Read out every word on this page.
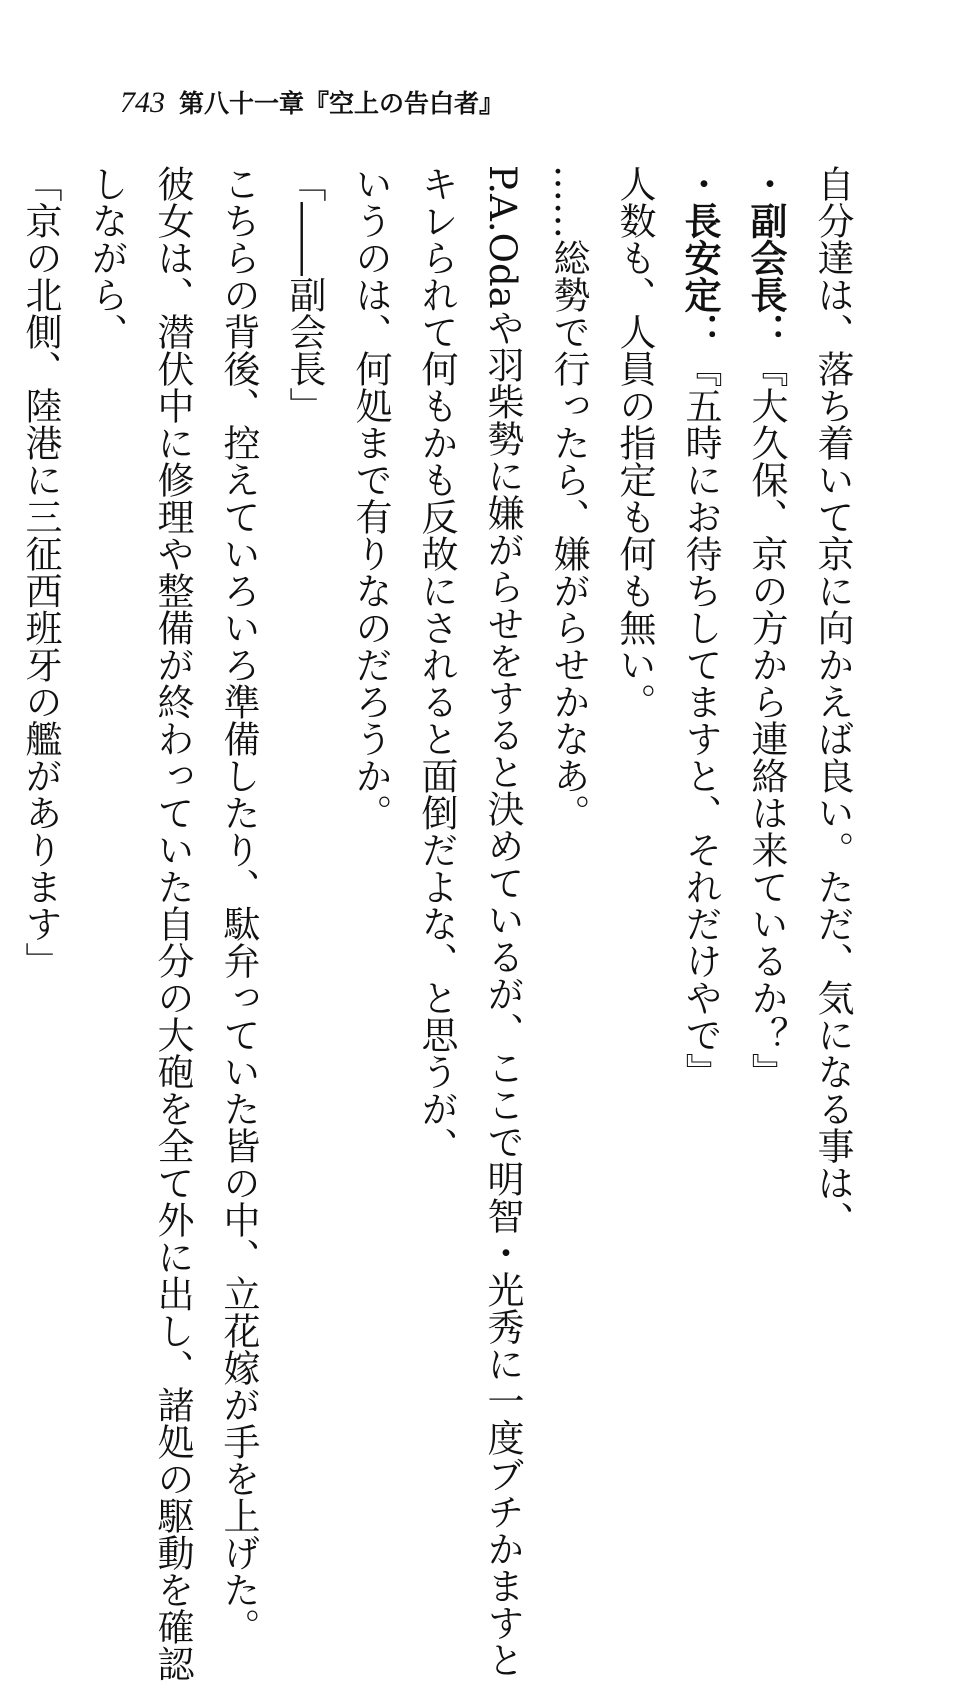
743 第八十一章『空上の告白者』
自分達は、落ち着いて京に向かえば良い。ただ、気になる事は、
・副会長：『大久保、京の方から連絡は来ているか？』
・長安定：『五時にお待ちしてますと、それだけやで』
人数も、人員の指定も何も無い。
……総勢で行ったら、嫌がらせかなあ。
P.A.Odaや羽柴勢に嫌がらせをすると決めているが、ここで明智・光秀に一度ブチかますと
キレられて何もかも反故にされると面倒だよな、と思うが、
いうのは、何処まで有りなのだろうか。
「――副会長」
こちらの背後、控えていろいろ準備したり、駄弁っていた皆の中、立花嫁が手を上げた。
彼女は、潜伏中に修理や整備が終わっていた自分の大砲を全て外に出し、諸処の駆動を確認
しながら、
「京の北側、陸港に三征西班牙の艦があります」
